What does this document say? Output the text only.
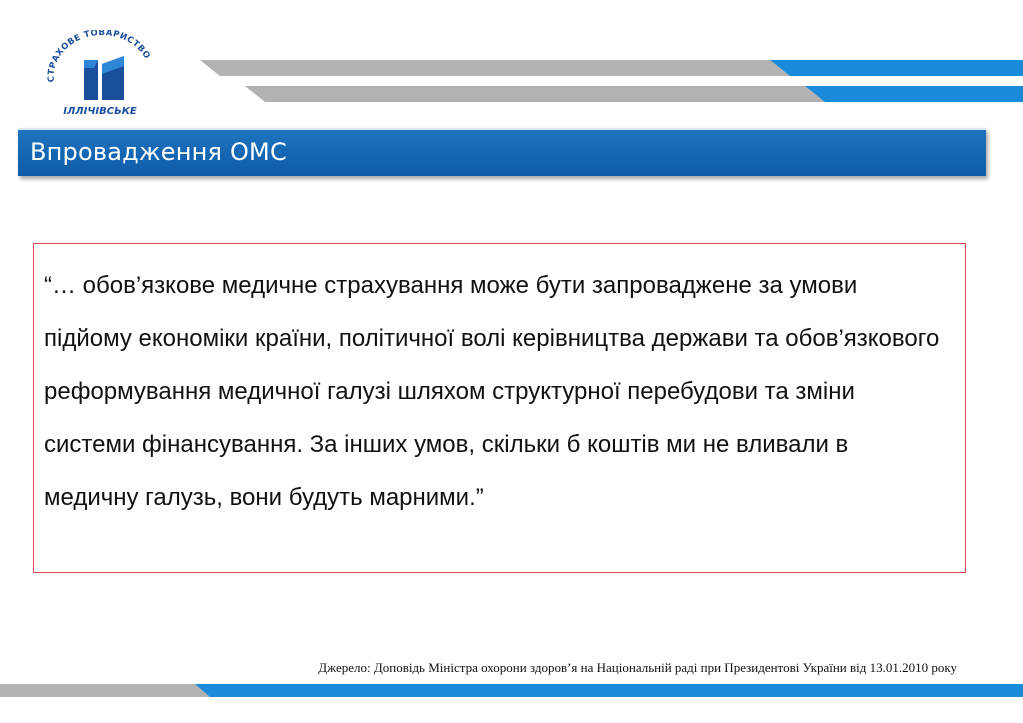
СТРАХОВЕ ТОВАРИСТВО
ІЛЛІЧІВСЬКЕ
Впровадження ОМС

“… обов’язкове медичне страхування може бути запроваджене за умови підйому економіки країни, політичної волі керівництва держави та обов’язкового реформування медичної галузі шляхом структурної перебудови та зміни системи фінансування. За інших умов, скільки б коштів ми не вливали в медичну галузь, вони будуть марними.”

Джерело: Доповідь Міністра охорони здоров’я на Національній раді при Президентові України від 13.01.2010 року
